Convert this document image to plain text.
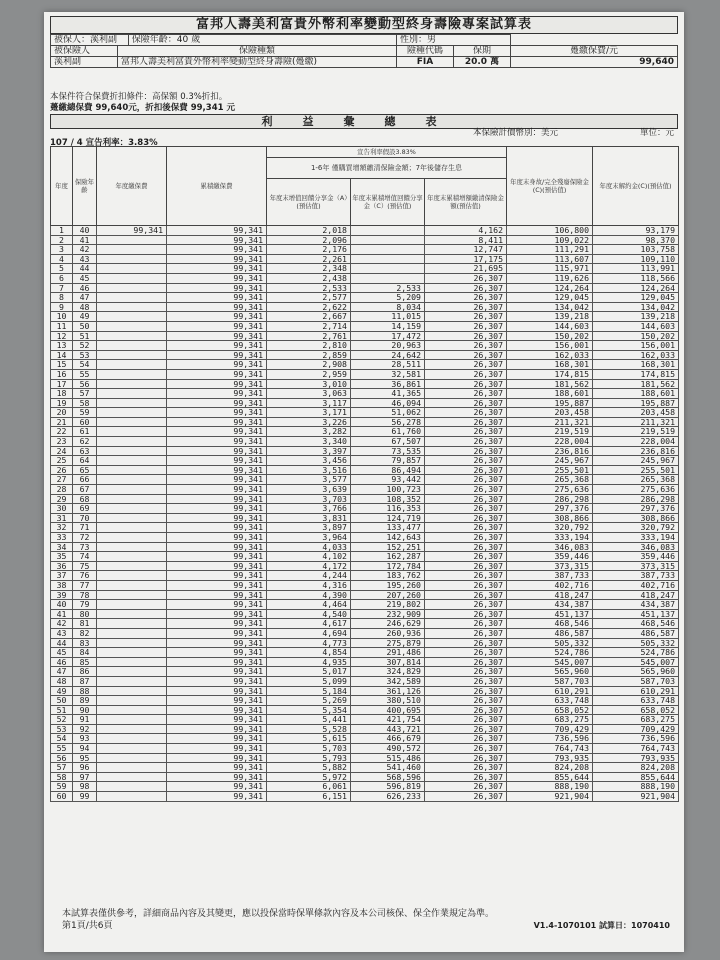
富邦人壽美利富貴外幣利率變動型終身壽險專案試算表
被保人：溪利副		保險年齡：40 歲	性別：男		
被保險人	保險種類		險種代碼	保期	躉繳保費/元
溪利副	富邦人壽美利富貴外幣利率變動型終身壽險(躉繳)		FIA	20.0 萬	99,640
本保件符合保費折扣條件：高保額 0.3%折扣。
躉繳總保費 99,640元，折扣後保費 99,341 元
利益彙總表
本保險計價幣別：美元	單位：元
107 / 4 宣告利率：3.83%
年度	保險年齡	年度繳保費	累積繳保費	宣告利率假設3.83%			年度末身故/完全殘廢保險金(C)(預估值)	年度末解約金(C)(預估值)
				1-6年 僅購買增額繳清保險金額；7年後儲存生息				
				年度末增值回饋分享金（A）(預估值)	年度末累積增值回饋分享金（C）(預估值)	年度末累積增額繳清保險金額(預估值)		
1	40	99,341	99,341	2,018		4,162	106,800	93,179
2	41		99,341	2,096		8,411	109,022	98,370
3	42		99,341	2,176		12,747	111,291	103,758
4	43		99,341	2,261		17,175	113,607	109,110
5	44		99,341	2,348		21,695	115,971	113,991
6	45		99,341	2,438		26,307	119,626	118,566
7	46		99,341	2,533	2,533	26,307	124,264	124,264
8	47		99,341	2,577	5,209	26,307	129,045	129,045
9	48		99,341	2,622	8,034	26,307	134,042	134,042
10	49		99,341	2,667	11,015	26,307	139,218	139,218
11	50		99,341	2,714	14,159	26,307	144,603	144,603
12	51		99,341	2,761	17,472	26,307	150,202	150,202
13	52		99,341	2,810	20,963	26,307	156,001	156,001
14	53		99,341	2,859	24,642	26,307	162,033	162,033
15	54		99,341	2,908	28,511	26,307	168,301	168,301
16	55		99,341	2,959	32,581	26,307	174,815	174,815
17	56		99,341	3,010	36,861	26,307	181,562	181,562
18	57		99,341	3,063	41,365	26,307	188,601	188,601
19	58		99,341	3,117	46,094	26,307	195,887	195,887
20	59		99,341	3,171	51,062	26,307	203,458	203,458
21	60		99,341	3,226	56,278	26,307	211,321	211,321
22	61		99,341	3,282	61,760	26,307	219,519	219,519
23	62		99,341	3,340	67,507	26,307	228,004	228,004
24	63		99,341	3,397	73,535	26,307	236,816	236,816
25	64		99,341	3,456	79,857	26,307	245,967	245,967
26	65		99,341	3,516	86,494	26,307	255,501	255,501
27	66		99,341	3,577	93,442	26,307	265,368	265,368
28	67		99,341	3,639	100,723	26,307	275,636	275,636
29	68		99,341	3,703	108,352	26,307	286,298	286,298
30	69		99,341	3,766	116,353	26,307	297,376	297,376
31	70		99,341	3,831	124,719	26,307	308,866	308,866
32	71		99,341	3,897	133,477	26,307	320,792	320,792
33	72		99,341	3,964	142,643	26,307	333,194	333,194
34	73		99,341	4,033	152,251	26,307	346,083	346,083
35	74		99,341	4,102	162,287	26,307	359,446	359,446
36	75		99,341	4,172	172,784	26,307	373,315	373,315
37	76		99,341	4,244	183,762	26,307	387,733	387,733
38	77		99,341	4,316	195,260	26,307	402,716	402,716
39	78		99,341	4,390	207,260	26,307	418,247	418,247
40	79		99,341	4,464	219,802	26,307	434,387	434,387
41	80		99,341	4,540	232,909	26,307	451,137	451,137
42	81		99,341	4,617	246,629	26,307	468,546	468,546
43	82		99,341	4,694	260,936	26,307	486,587	486,587
44	83		99,341	4,773	275,879	26,307	505,332	505,332
45	84		99,341	4,854	291,486	26,307	524,786	524,786
46	85		99,341	4,935	307,814	26,307	545,007	545,007
47	86		99,341	5,017	324,829	26,307	565,960	565,960
48	87		99,341	5,099	342,589	26,307	587,703	587,703
49	88		99,341	5,184	361,126	26,307	610,291	610,291
50	89		99,341	5,269	380,510	26,307	633,748	633,748
51	90		99,341	5,354	400,695	26,307	658,052	658,052
52	91		99,341	5,441	421,754	26,307	683,275	683,275
53	92		99,341	5,528	443,721	26,307	709,429	709,429
54	93		99,341	5,615	466,679	26,307	736,596	736,596
55	94		99,341	5,703	490,572	26,307	764,743	764,743
56	95		99,341	5,793	515,486	26,307	793,935	793,935
57	96		99,341	5,882	541,460	26,307	824,208	824,208
58	97		99,341	5,972	568,596	26,307	855,644	855,644
59	98		99,341	6,061	596,819	26,307	888,190	888,190
60	99		99,341	6,151	626,233	26,307	921,904	921,904
本試算表僅供參考，詳細商品內容及其變更，應以投保當時保單條款內容及本公司核保、保全作業規定為準。
第1頁/共6頁	V1.4-1070101 試算日：1070410
